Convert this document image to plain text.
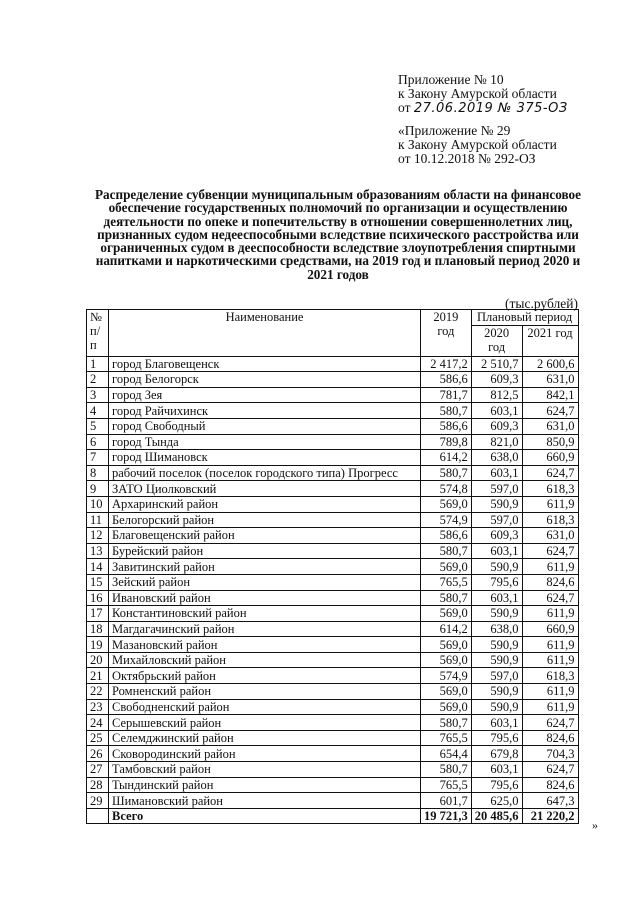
Приложение № 10
к Закону Амурской области
от 27.06.2019 № 375-ОЗ
«Приложение № 29
к Закону Амурской области
от 10.12.2018 № 292-ОЗ
Распределение субвенции муниципальным образованиям области на финансовое обеспечение государственных полномочий по организации и осуществлению деятельности по опеке и попечительству в отношении совершеннолетних лиц, признанных судом недееспособными вследствие психического расстройства или ограниченных судом в дееспособности вследствие злоупотребления спиртными напитками и наркотическими средствами, на 2019 год и плановый период 2020 и 2021 годов
(тыс.рублей)
№ п/п	Наименование	2019 год	Плановый период	
			2020 год	2021 год
1	город Благовещенск	2 417,2	2 510,7	2 600,6
2	город Белогорск	586,6	609,3	631,0
3	город Зея	781,7	812,5	842,1
4	город Райчихинск	580,7	603,1	624,7
5	город Свободный	586,6	609,3	631,0
6	город Тында	789,8	821,0	850,9
7	город Шимановск	614,2	638,0	660,9
8	рабочий поселок (поселок городского типа) Прогресс	580,7	603,1	624,7
9	ЗАТО Циолковский	574,8	597,0	618,3
10	Архаринский район	569,0	590,9	611,9
11	Белогорский район	574,9	597,0	618,3
12	Благовещенский район	586,6	609,3	631,0
13	Бурейский район	580,7	603,1	624,7
14	Завитинский район	569,0	590,9	611,9
15	Зейский район	765,5	795,6	824,6
16	Ивановский район	580,7	603,1	624,7
17	Константиновский район	569,0	590,9	611,9
18	Магдагачинский район	614,2	638,0	660,9
19	Мазановский район	569,0	590,9	611,9
20	Михайловский район	569,0	590,9	611,9
21	Октябрьский район	574,9	597,0	618,3
22	Ромненский район	569,0	590,9	611,9
23	Свободненский район	569,0	590,9	611,9
24	Серышевский район	580,7	603,1	624,7
25	Селемджинский район	765,5	795,6	824,6
26	Сковородинский район	654,4	679,8	704,3
27	Тамбовский район	580,7	603,1	624,7
28	Тындинский район	765,5	795,6	824,6
29	Шимановский район	601,7	625,0	647,3
	Всего	19 721,3	20 485,6	21 220,2
»
